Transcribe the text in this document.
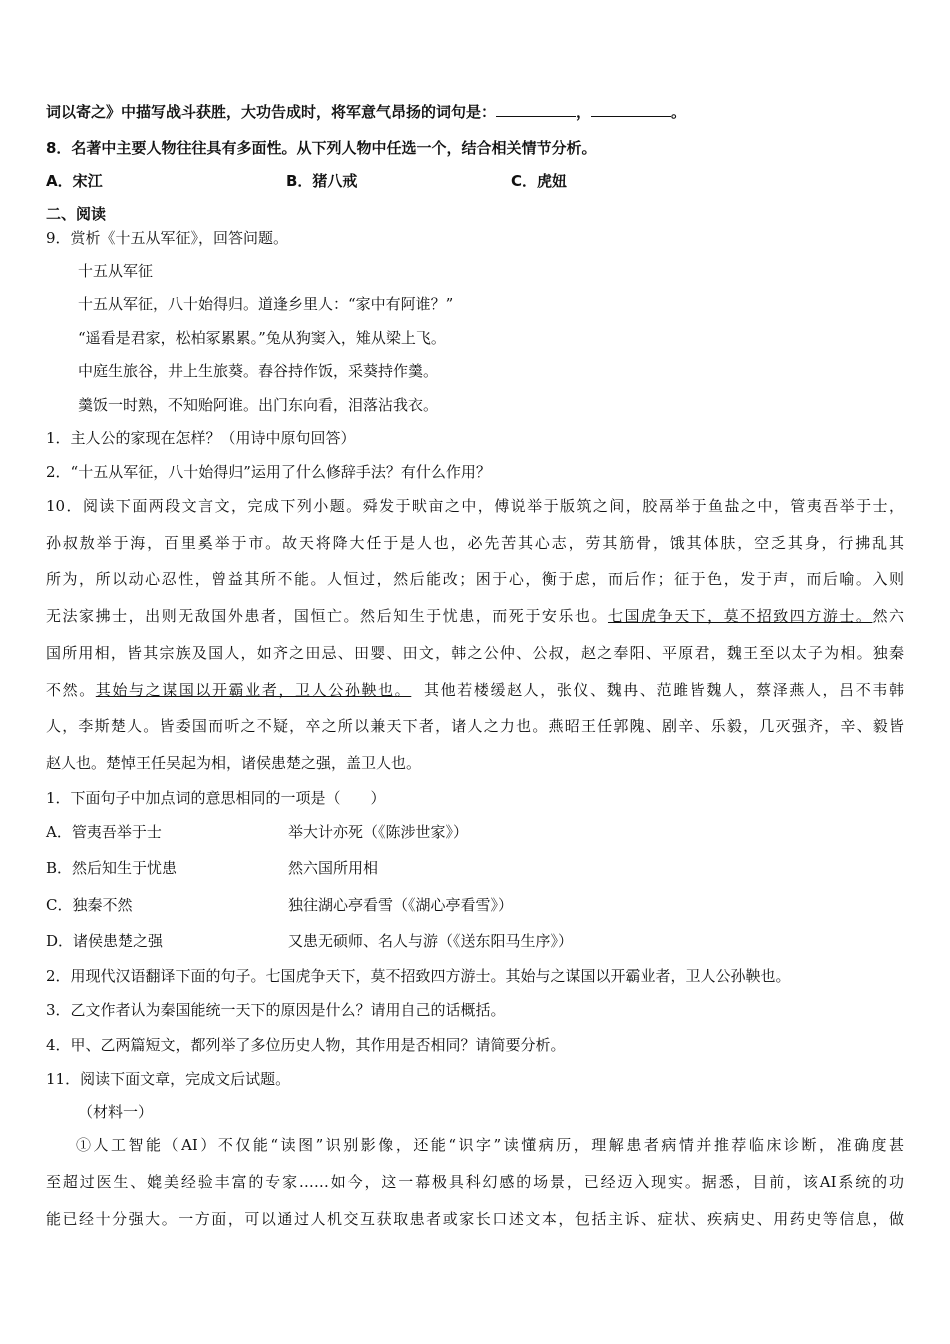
词以寄之》中描写战斗获胜，大功告成时，将军意气昂扬的词句是：	，	。
8．名著中主要人物往往具有多面性。从下列人物中任选一个，结合相关情节分析。
A．宋江	B．猪八戒	C．虎妞
二、阅读
9．赏析《十五从军征》，回答问题。
十五从军征
十五从军征，八十始得归。道逢乡里人：“家中有阿谁？”
“遥看是君家，松柏冢累累。”兔从狗窦入，雉从梁上飞。
中庭生旅谷，井上生旅葵。舂谷持作饭，采葵持作羹。
羹饭一时熟，不知贻阿谁。出门东向看，泪落沾我衣。
1．主人公的家现在怎样？（用诗中原句回答）
2．“十五从军征，八十始得归”运用了什么修辞手法？有什么作用？
10．阅读下面两段文言文，完成下列小题。舜发于畎亩之中，傅说举于版筑之间，胶鬲举于鱼盐之中，管夷吾举于士，
孙叔敖举于海，百里奚举于市。故天将降大任于是人也，必先苦其心志，劳其筋骨，饿其体肤，空乏其身，行拂乱其
所为，所以动心忍性，曾益其所不能。人恒过，然后能改；困于心，衡于虑，而后作；征于色，发于声，而后喻。入则
无法家拂士，出则无敌国外患者，国恒亡。然后知生于忧患，而死于安乐也。七国虎争天下，莫不招致四方游士。然六
国所用相，皆其宗族及国人，如齐之田忌、田婴、田文，韩之公仲、公叔，赵之奉阳、平原君，魏王至以太子为相。独秦
不然。其始与之谋国以开霸业者，卫人公孙鞅也。 其他若楼缓赵人，张仪、魏冉、范雎皆魏人，蔡泽燕人，吕不韦韩
人，李斯楚人。皆委国而听之不疑，卒之所以兼天下者，诸人之力也。燕昭王任郭隗、剧辛、乐毅，几灭强齐，辛、毅皆
赵人也。楚悼王任吴起为相，诸侯患楚之强，盖卫人也。
1．下面句子中加点词的意思相同的一项是（　　）
A．管夷吾举于士	举大计亦死（《陈涉世家》）
B．然后知生于忧患	然六国所用相
C．独秦不然	独往湖心亭看雪（《湖心亭看雪》）
D．诸侯患楚之强	又患无硕师、名人与游（《送东阳马生序》）
2．用现代汉语翻译下面的句子。七国虎争天下，莫不招致四方游士。其始与之谋国以开霸业者，卫人公孙鞅也。
3．乙文作者认为秦国能统一天下的原因是什么？请用自己的话概括。
4．甲、乙两篇短文，都列举了多位历史人物，其作用是否相同？请简要分析。
11．阅读下面文章，完成文后试题。
（材料一）
①人工智能（AI）不仅能“读图”识别影像，还能“识字”读懂病历，理解患者病情并推荐临床诊断，准确度甚
至超过医生、媲美经验丰富的专家……如今，这一幕极具科幻感的场景，已经迈入现实。据悉，目前，该AI系统的功
能已经十分强大。一方面，可以通过人机交互获取患者或家长口述文本，包括主诉、症状、疾病史、用药史等信息，做
